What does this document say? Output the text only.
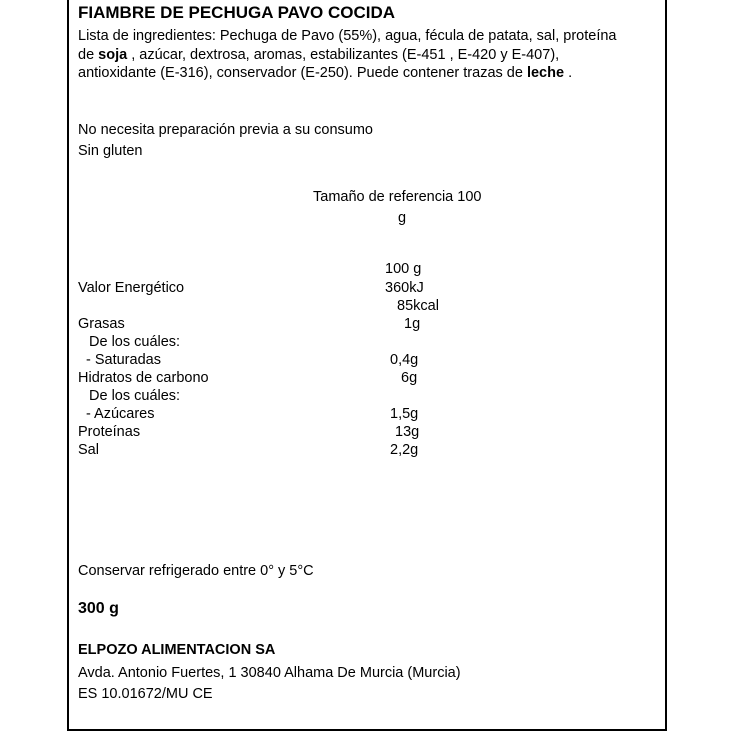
FIAMBRE DE PECHUGA PAVO COCIDA
Lista de ingredientes: Pechuga de Pavo (55%), agua, fécula de patata, sal, proteína de soja , azúcar, dextrosa, aromas, estabilizantes (E-451 , E-420 y E-407), antioxidante (E-316), conservador (E-250). Puede contener trazas de leche .
No necesita preparación previa a su consumo
Sin gluten
Tamaño de referencia 100
g
100 g
Valor Energético	360kJ
85kcal
Grasas	1g
De los cuáles:
- Saturadas	0,4g
Hidratos de carbono	6g
De los cuáles:
- Azúcares	1,5g
Proteínas	13g
Sal	2,2g
Conservar refrigerado entre 0° y 5°C
300 g
ELPOZO ALIMENTACION SA
Avda. Antonio Fuertes, 1 30840 Alhama De Murcia (Murcia)
ES 10.01672/MU CE
